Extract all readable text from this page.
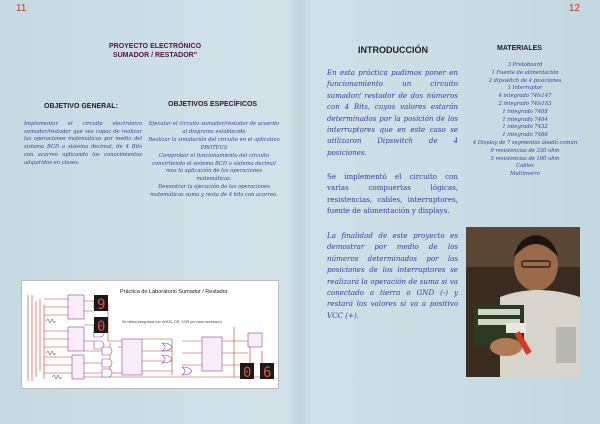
11	12
PROYECTO ELECTRÓNICO SUMADOR / RESTADOR"
OBJETIVO GENERAL:
Implementar el circuito electrónico sumador/restador que sea capaz de realizar las operaciones matemáticas por medio del sistema BCD a sistema decimal, de 4 Bits con acarreo aplicando los conocimientos adquiridos en clases.
OBJETIVOS ESPECÍFICOS
Ejecutar el circuito sumador/restador de acuerdo al diagrama establecido
Realizar la simulación del circuito en el aplicativo PROTEUS
Comprobar el funcionamiento del circuito convirtiendo el sistema BCD a sistema decimal más la aplicación de las operaciones matemáticas.
Demostrar la ejecución de las operaciones matemáticas suma y resta de 4 bits con acarreo.
Práctica de Laboratorio Sumador / Restador
Se utiliza integrados con ANDS, OR, XOR (en caso necesario)
9
0
0 6
INTRODUCCIÓN
En esta práctica pudimos poner en funcionamiento un circuito sumador/ restador de dos números con 4 Bits, cuyos valores estarán determinados por la posición de los interruptores que en este caso se utilizaron Dipswitch de 4 posiciones.
Se implementó el circuito con varias compuertas lógicas, resistencias, cables, interruptores, fuente de alimentación y displays.
La finalidad de este proyecto es demostrar por medio de los números determinados por las posiciones de los interruptores se realizará la operación de suma si va conectado a tierra o GND (-) y restará los valores si va a positivo VCC (+).
MATERIALES
3 Protoboard
1 Fuente de alimentación
2 dipswitch de 4 posiciones
1 Interruptor
4 integrado 74ls147
2 integrado 74ls183
1 integrado 7408
1 integrado 7404
1 integrado 7432
1 integrado 7486
4 Display de 7 segmentos ánodo común
9 resistencias de 330 ohm
5 resistencias de 100 ohm
Cables
Multímetro
